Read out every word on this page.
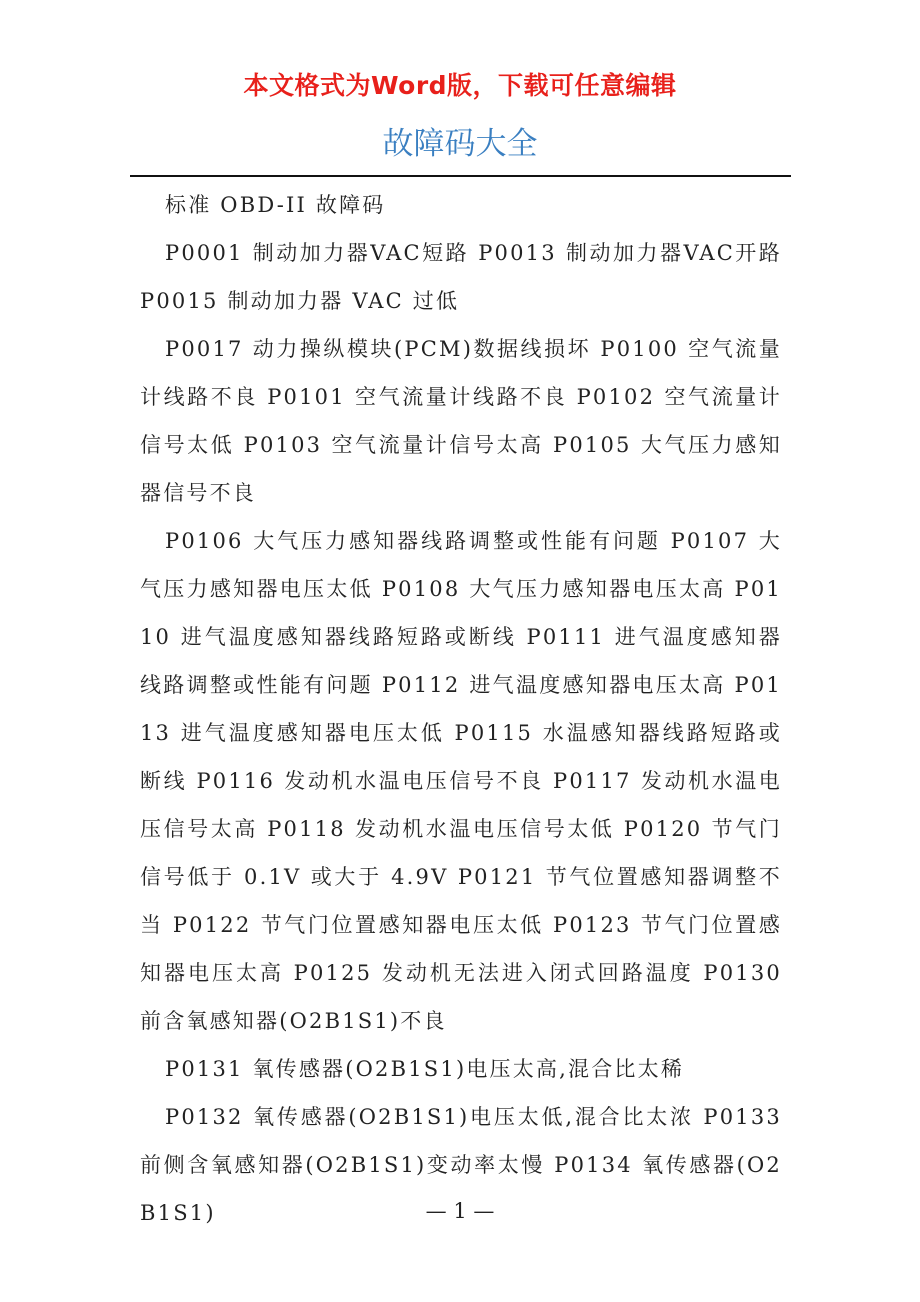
本文格式为Word版，下载可任意编辑
故障码大全

标准 OBD-II 故障码

P0001 制动加力器VAC短路 P0013 制动加力器VAC开路 P0015 制动加力器 VAC 过低

P0017 动力操纵模块(PCM)数据线损坏 P0100 空气流量计线路不良 P0101 空气流量计线路不良 P0102 空气流量计信号太低 P0103 空气流量计信号太高 P0105 大气压力感知器信号不良

P0106 大气压力感知器线路调整或性能有问题 P0107 大气压力感知器电压太低 P0108 大气压力感知器电压太高 P0110 进气温度感知器线路短路或断线 P0111 进气温度感知器线路调整或性能有问题 P0112 进气温度感知器电压太高 P0113 进气温度感知器电压太低 P0115 水温感知器线路短路或断线 P0116 发动机水温电压信号不良 P0117 发动机水温电压信号太高 P0118 发动机水温电压信号太低 P0120 节气门信号低于 0.1V 或大于 4.9V P0121 节气位置感知器调整不当 P0122 节气门位置感知器电压太低 P0123 节气门位置感知器电压太高 P0125 发动机无法进入闭式回路温度 P0130 前含氧感知器(O2B1S1)不良

P0131 氧传感器(O2B1S1)电压太高,混合比太稀

P0132 氧传感器(O2B1S1)电压太低,混合比太浓 P0133 前侧含氧感知器(O2B1S1)变动率太慢 P0134 氧传感器(O2B1S1)	— 1 —
